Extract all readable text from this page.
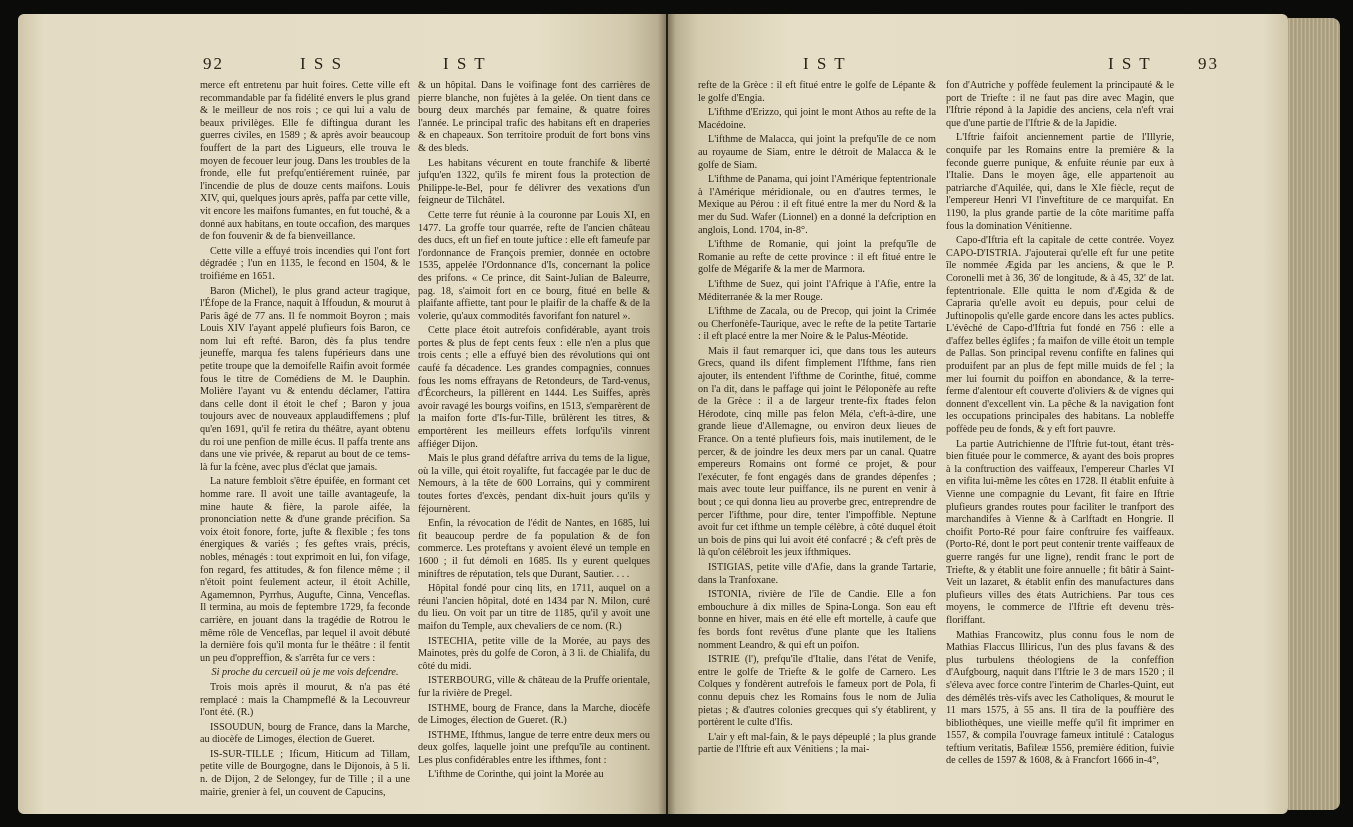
92	I S S	I S T

merce eft entretenu par huit foires. Cette ville eft recommandable par fa fidélité envers le plus grand & le meilleur de nos rois ; ce qui lui a valu de beaux privilèges. Elle fe diftingua durant les guerres civiles, en 1589 ; & après avoir beaucoup fouffert de la part des Ligueurs, elle trouva le moyen de fecouer leur joug. Dans les troubles de la fronde, elle fut prefqu'entiérement ruinée, par l'incendie de plus de douze cents maifons. Louis XIV, qui, quelques jours après, paffa par cette ville, vit encore les maifons fumantes, en fut touché, & a donné aux habitans, en toute occafion, des marques de fon fouvenir & de fa bienveillance.

Cette ville a effuyé trois incendies qui l'ont fort dégradée ; l'un en 1135, le fecond en 1504, & le troifiéme en 1651.

Baron (Michel), le plus grand acteur tragique, l'Éfope de la France, naquit à Iffoudun, & mourut à Paris âgé de 77 ans. Il fe nommoit Boyron ; mais Louis XIV l'ayant appelé plufieurs fois Baron, ce nom lui eft refté. Baron, dès fa plus tendre jeuneffe, marqua fes talens fupérieurs dans une petite troupe que la demoifelle Raifin avoit formée fous le titre de Comédiens de M. le Dauphin. Molière l'ayant vu & entendu déclamer, l'attira dans celle dont il étoit le chef ; Baron y joua toujours avec de nouveaux applaudiffemens ; pluf qu'en 1691, qu'il fe retira du théâtre, ayant obtenu du roi une penfion de mille écus. Il paffa trente ans dans une vie privée, & reparut au bout de ce tems-là fur la fcène, avec plus d'éclat que jamais.

La nature fembloit s'être épuifée, en formant cet homme rare. Il avoit une taille avantageufe, la mine haute & fière, la parole aifée, la prononciation nette & d'une grande précifion. Sa voix étoit fonore, forte, jufte & flexible ; fes tons énergiques & variés ; fes geftes vrais, précis, nobles, ménagés : tout exprimoit en lui, fon vifage, fon regard, fes attitudes, & fon filence même ; il n'étoit point feulement acteur, il étoit Achille, Agamemnon, Pyrrhus, Augufte, Cinna, Venceflas. Il termina, au mois de feptembre 1729, fa feconde carrière, en jouant dans la tragédie de Rotrou le même rôle de Venceflas, par lequel il avoit débuté la dernière fois qu'il monta fur le théâtre : il fentit un peu d'oppreffion, & s'arrêta fur ce vers :

Si proche du cercueil où je me vois defcendre.

Trois mois après il mourut, & n'a pas été remplacé : mais la Champmeflé & la Lecouvreur l'ont été. (R.)

ISSOUDUN, bourg de France, dans la Marche, au diocèfe de Limoges, élection de Gueret.

IS-SUR-TILLE ; Ificum, Hiticum ad Tillam, petite ville de Bourgogne, dans le Dijonois, à 5 li. n. de Dijon, 2 de Selongey, fur de Tille ; il a une mairie, grenier à fel, un couvent de Capucins,

& un hôpital. Dans le voifinage font des carrières de pierre blanche, non fujètes à la gelée. On tient dans ce bourg deux marchés par femaine, & quatre foires l'année. Le principal trafic des habitans eft en draperies & en chapeaux. Son territoire produit de fort bons vins & des bleds.

Les habitans vécurent en toute franchife & liberté jufqu'en 1322, qu'ils fe mirent fous la protection de Philippe-le-Bel, pour fe délivrer des vexations d'un feigneur de Tilchâtel.

Cette terre fut réunie à la couronne par Louis XI, en 1477. La groffe tour quarrée, refte de l'ancien château des ducs, eft un fief en toute juftice : elle eft fameufe par l'ordonnance de François premier, donnée en octobre 1535, appelée l'Ordonnance d'Is, concernant la police des prifons. « Ce prince, dit Saint-Julian de Baleurre, pag. 18, s'aimoit fort en ce bourg, fitué en belle & plaifante affiette, tant pour le plaifir de la chaffe & de la volerie, qu'aux commodités favorifant fon naturel ».

Cette place étoit autrefois confidérable, ayant trois portes & plus de fept cents feux : elle n'en a plus que trois cents ; elle a effuyé bien des révolutions qui ont caufé fa décadence. Les grandes compagnies, connues fous les noms effrayans de Retondeurs, de Tard-venus, d'Écorcheurs, la pillèrent en 1444. Les Suiffes, après avoir ravagé les bourgs voifins, en 1513, s'emparèrent de la maifon forte d'Is-fur-Tille, brûlèrent les titres, & emportèrent les meilleurs effets lorfqu'ils vinrent affiéger Dijon.

Mais le plus grand défaftre arriva du tems de la ligue, où la ville, qui étoit royalifte, fut faccagée par le duc de Nemours, à la tête de 600 Lorrains, qui y commirent toutes fortes d'excès, pendant dix-huit jours qu'ils y féjournèrent.

Enfin, la révocation de l'édit de Nantes, en 1685, lui fit beaucoup perdre de fa population & de fon commerce. Les proteftans y avoient élevé un temple en 1600 ; il fut démoli en 1685. Ils y eurent quelques miniftres de réputation, tels que Durant, Sautier. . . .

Hôpital fondé pour cinq lits, en 1711, auquel on a réuni l'ancien hôpital, doté en 1434 par N. Milon, curé du lieu. On voit par un titre de 1185, qu'il y avoit une maifon du Temple, aux chevaliers de ce nom. (R.)

ISTECHIA, petite ville de la Morée, au pays des Mainotes, près du golfe de Coron, à 3 li. de Chialifa, du côté du midi.

ISTERBOURG, ville & château de la Pruffe orientale, fur la rivière de Pregel.

ISTHME, bourg de France, dans la Marche, diocèfe de Limoges, élection de Gueret. (R.)

ISTHME, Ifthmus, langue de terre entre deux mers ou deux golfes, laquelle joint une prefqu'île au continent. Les plus confidérables entre les ifthmes, font :

L'ifthme de Corinthe, qui joint la Morée au

I S T	I S T	93

refte de la Grèce : il eft fitué entre le golfe de Lépante & le golfe d'Engia.

L'ifthme d'Erizzo, qui joint le mont Athos au refte de la Macédoine.

L'ifthme de Malacca, qui joint la prefqu'île de ce nom au royaume de Siam, entre le détroit de Malacca & le golfe de Siam.

L'ifthme de Panama, qui joint l'Amérique feptentrionale à l'Amérique méridionale, ou en d'autres termes, le Mexique au Pérou : il eft fitué entre la mer du Nord & la mer du Sud. Wafer (Lionnel) en a donné la defcription en anglois, Lond. 1704, in-8°.

L'ifthme de Romanie, qui joint la prefqu'île de Romanie au refte de cette province : il eft fitué entre le golfe de Mégarife & la mer de Marmora.

L'ifthme de Suez, qui joint l'Afrique à l'Afie, entre la Méditerranée & la mer Rouge.

L'ifthme de Zacala, ou de Precop, qui joint la Crimée ou Cherfonèfe-Taurique, avec le refte de la petite Tartarie : il eft placé entre la mer Noire & le Palus-Méotide.

Mais il faut remarquer ici, que dans tous les auteurs Grecs, quand ils difent fimplement l'Ifthme, fans rien ajouter, ils entendent l'ifthme de Corinthe, fitué, comme on l'a dit, dans le paffage qui joint le Péloponèfe au refte de la Grèce : il a de largeur trente-fix ftades felon Hérodote, cinq mille pas felon Méla, c'eft-à-dire, une grande lieue d'Allemagne, ou environ deux lieues de France. On a tenté plufieurs fois, mais inutilement, de le percer, & de joindre les deux mers par un canal. Quatre empereurs Romains ont formé ce projet, & pour l'exécuter, fe font engagés dans de grandes dépenfes ; mais avec toute leur puiffance, ils ne purent en venir à bout ; ce qui donna lieu au proverbe grec, entreprendre de percer l'ifthme, pour dire, tenter l'impoffible. Neptune avoit fur cet ifthme un temple célèbre, à côté duquel étoit un bois de pins qui lui avoit été confacré ; & c'eft près de là qu'on célébroit les jeux ifthmiques.

ISTIGIAS, petite ville d'Afie, dans la grande Tartarie, dans la Tranfoxane.

ISTONIA, rivière de l'île de Candie. Elle a fon embouchure à dix milles de Spina-Longa. Son eau eft bonne en hiver, mais en été elle eft mortelle, à caufe que fes bords font revêtus d'une plante que les Italiens nomment Leandro, & qui eft un poifon.

ISTRIE (l'), prefqu'île d'Italie, dans l'état de Venife, entre le golfe de Triefte & le golfe de Carnero. Les Colques y fondèrent autrefois le fameux port de Pola, fi connu depuis chez les Romains fous le nom de Julia pietas ; & d'autres colonies grecques qui s'y établirent, y portèrent le culte d'Ifis.

L'air y eft mal-fain, & le pays dépeuplé ; la plus grande partie de l'Iftrie eft aux Vénitiens ; la mai-

fon d'Autriche y poffède feulement la principauté & le port de Triefte : il ne faut pas dire avec Magin, que l'Iftrie répond à la Japidie des anciens, cela n'eft vrai que d'une partie de l'Iftrie & de la Japidie.

L'Iftrie faifoit anciennement partie de l'Illyrie, conquife par les Romains entre la première & la feconde guerre punique, & enfuite réunie par eux à l'Italie. Dans le moyen âge, elle appartenoit au patriarche d'Aquilée, qui, dans le XIe fiècle, reçut de l'empereur Henri VI l'inveftiture de ce marquifat. En 1190, la plus grande partie de la côte maritime paffa fous la domination Vénitienne.

Capo-d'Iftria eft la capitale de cette contrée. Voyez CAPO-D'ISTRIA. J'ajouterai qu'elle eft fur une petite île nommée Ægida par les anciens, & que le P. Coronelli met à 36, 36' de longitude, & à 45, 32' de lat. feptentrionale. Elle quitta le nom d'Ægida & de Capraria qu'elle avoit eu depuis, pour celui de Juftinopolis qu'elle garde encore dans les actes publics. L'évêché de Capo-d'Iftria fut fondé en 756 : elle a d'affez belles églifes ; fa maifon de ville étoit un temple de Pallas. Son principal revenu confifte en falines qui produifent par an plus de fept mille muids de fel ; la mer lui fournit du poiffon en abondance, & la terre-ferme d'alentour eft couverte d'oliviers & de vignes qui donnent d'excellent vin. La pêche & la navigation font les occupations principales des habitans. La nobleffe poffède peu de fonds, & y eft fort pauvre.

La partie Autrichienne de l'Iftrie fut-tout, étant très-bien fituée pour le commerce, & ayant des bois propres à la conftruction des vaiffeaux, l'empereur Charles VI en vifita lui-même les côtes en 1728. Il établit enfuite à Vienne une compagnie du Levant, fit faire en Iftrie plufieurs grandes routes pour faciliter le tranfport des marchandifes à Vienne & à Carlftadt en Hongrie. Il choifit Porto-Ré pour faire conftruire fes vaiffeaux. (Porto-Ré, dont le port peut contenir trente vaiffeaux de guerre rangés fur une ligne), rendit franc le port de Triefte, & y établit une foire annuelle ; fit bâtir à Saint-Veit un lazaret, & établit enfin des manufactures dans plufieurs villes des états Autrichiens. Par tous ces moyens, le commerce de l'Iftrie eft devenu très-floriffant.

Mathias Francowitz, plus connu fous le nom de Mathias Flaccus Illiricus, l'un des plus favans & des plus turbulens théologiens de la confeffion d'Aufgbourg, naquit dans l'Iftrie le 3 de mars 1520 ; il s'éleva avec force contre l'interim de Charles-Quint, eut des démêlés très-vifs avec les Catholiques, & mourut le 11 mars 1575, à 55 ans. Il tira de la pouffière des bibliothèques, une vieille meffe qu'il fit imprimer en 1557, & compila l'ouvrage fameux intitulé : Catalogus teftium veritatis, Bafileæ 1556, première édition, fuivie de celles de 1597 & 1608, & à Francfort 1666 in-4°,
